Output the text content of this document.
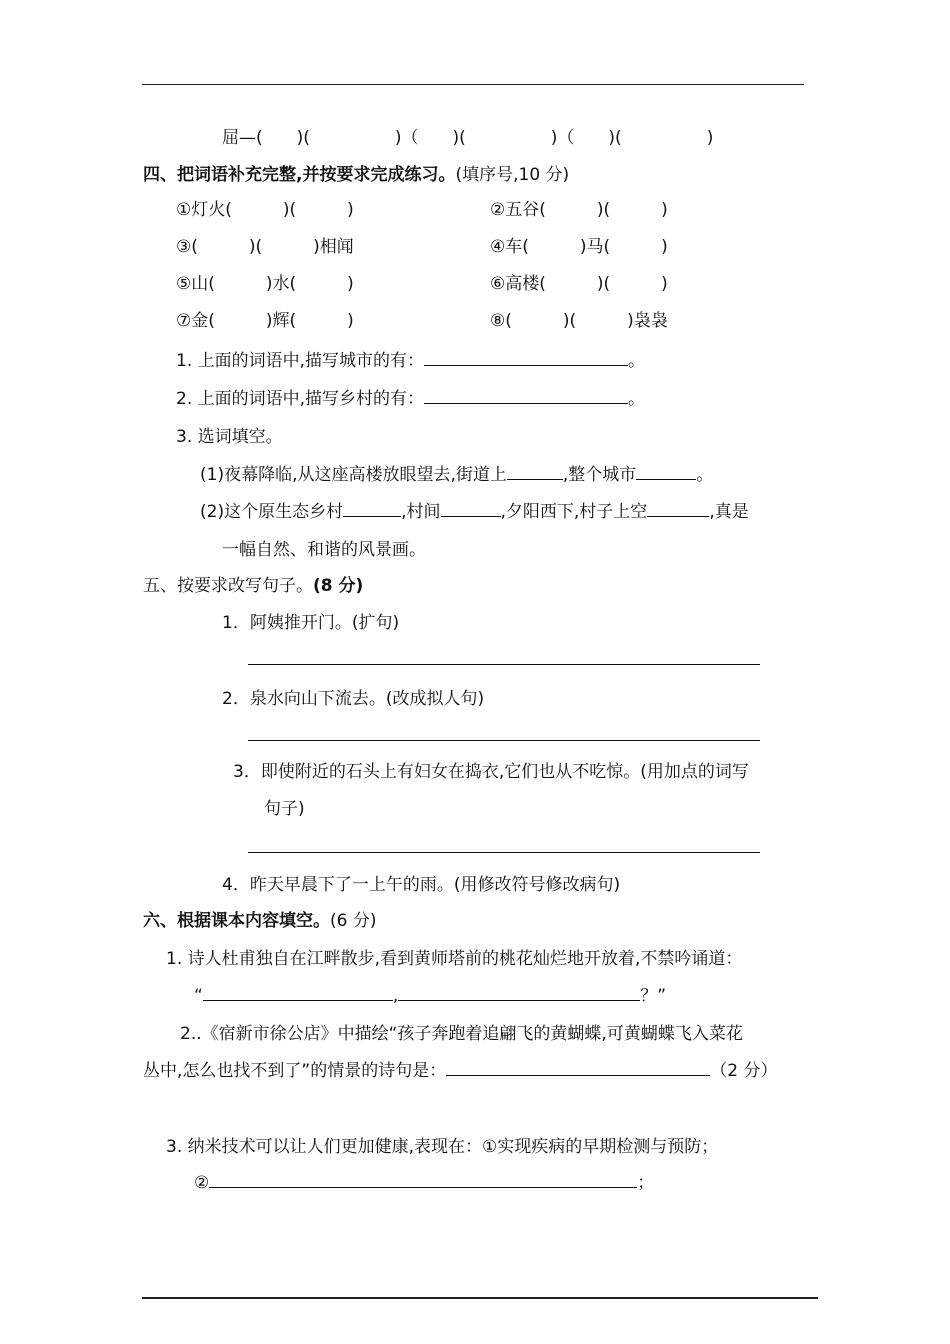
屈—(　　)(　　　　　)（　　)(　　　　　)（　　)(　　　　　)
四、把词语补充完整,并按要求完成练习。(填序号,10 分)
①灯火(　　　)(　　　)	②五谷(　　　)(　　　)
③(　　　)(　　　)相闻	④车(　　　)马(　　　)
⑤山(　　　)水(　　　)	⑥高楼(　　　)(　　　)
⑦金(　　　)辉(　　　)	⑧(　　　)(　　　)袅袅
1. 上面的词语中,描写城市的有：	。
2. 上面的词语中,描写乡村的有：	。
3. 选词填空。
(1)夜幕降临,从这座高楼放眼望去,街道上	,整个城市	。
(2)这个原生态乡村	,村间	,夕阳西下,村子上空	,真是
一幅自然、和谐的风景画。
五、按要求改写句子。(8 分)
1．阿姨推开门。(扩句)
2．泉水向山下流去。(改成拟人句)
3．即使附近的石头上有妇女在捣衣,它们也从不吃惊。(用加点的词写
句子)
4．昨天早晨下了一上午的雨。(用修改符号修改病句)
六、根据课本内容填空。(6 分)
1. 诗人杜甫独自在江畔散步,看到黄师塔前的桃花灿烂地开放着,不禁吟诵道：
“	,	？”
2..《宿新市徐公店》中描绘“孩子奔跑着追翩飞的黄蝴蝶,可黄蝴蝶飞入菜花
丛中,怎么也找不到了”的情景的诗句是：	（2 分）
3. 纳米技术可以让人们更加健康,表现在：①实现疾病的早期检测与预防；
②	；
